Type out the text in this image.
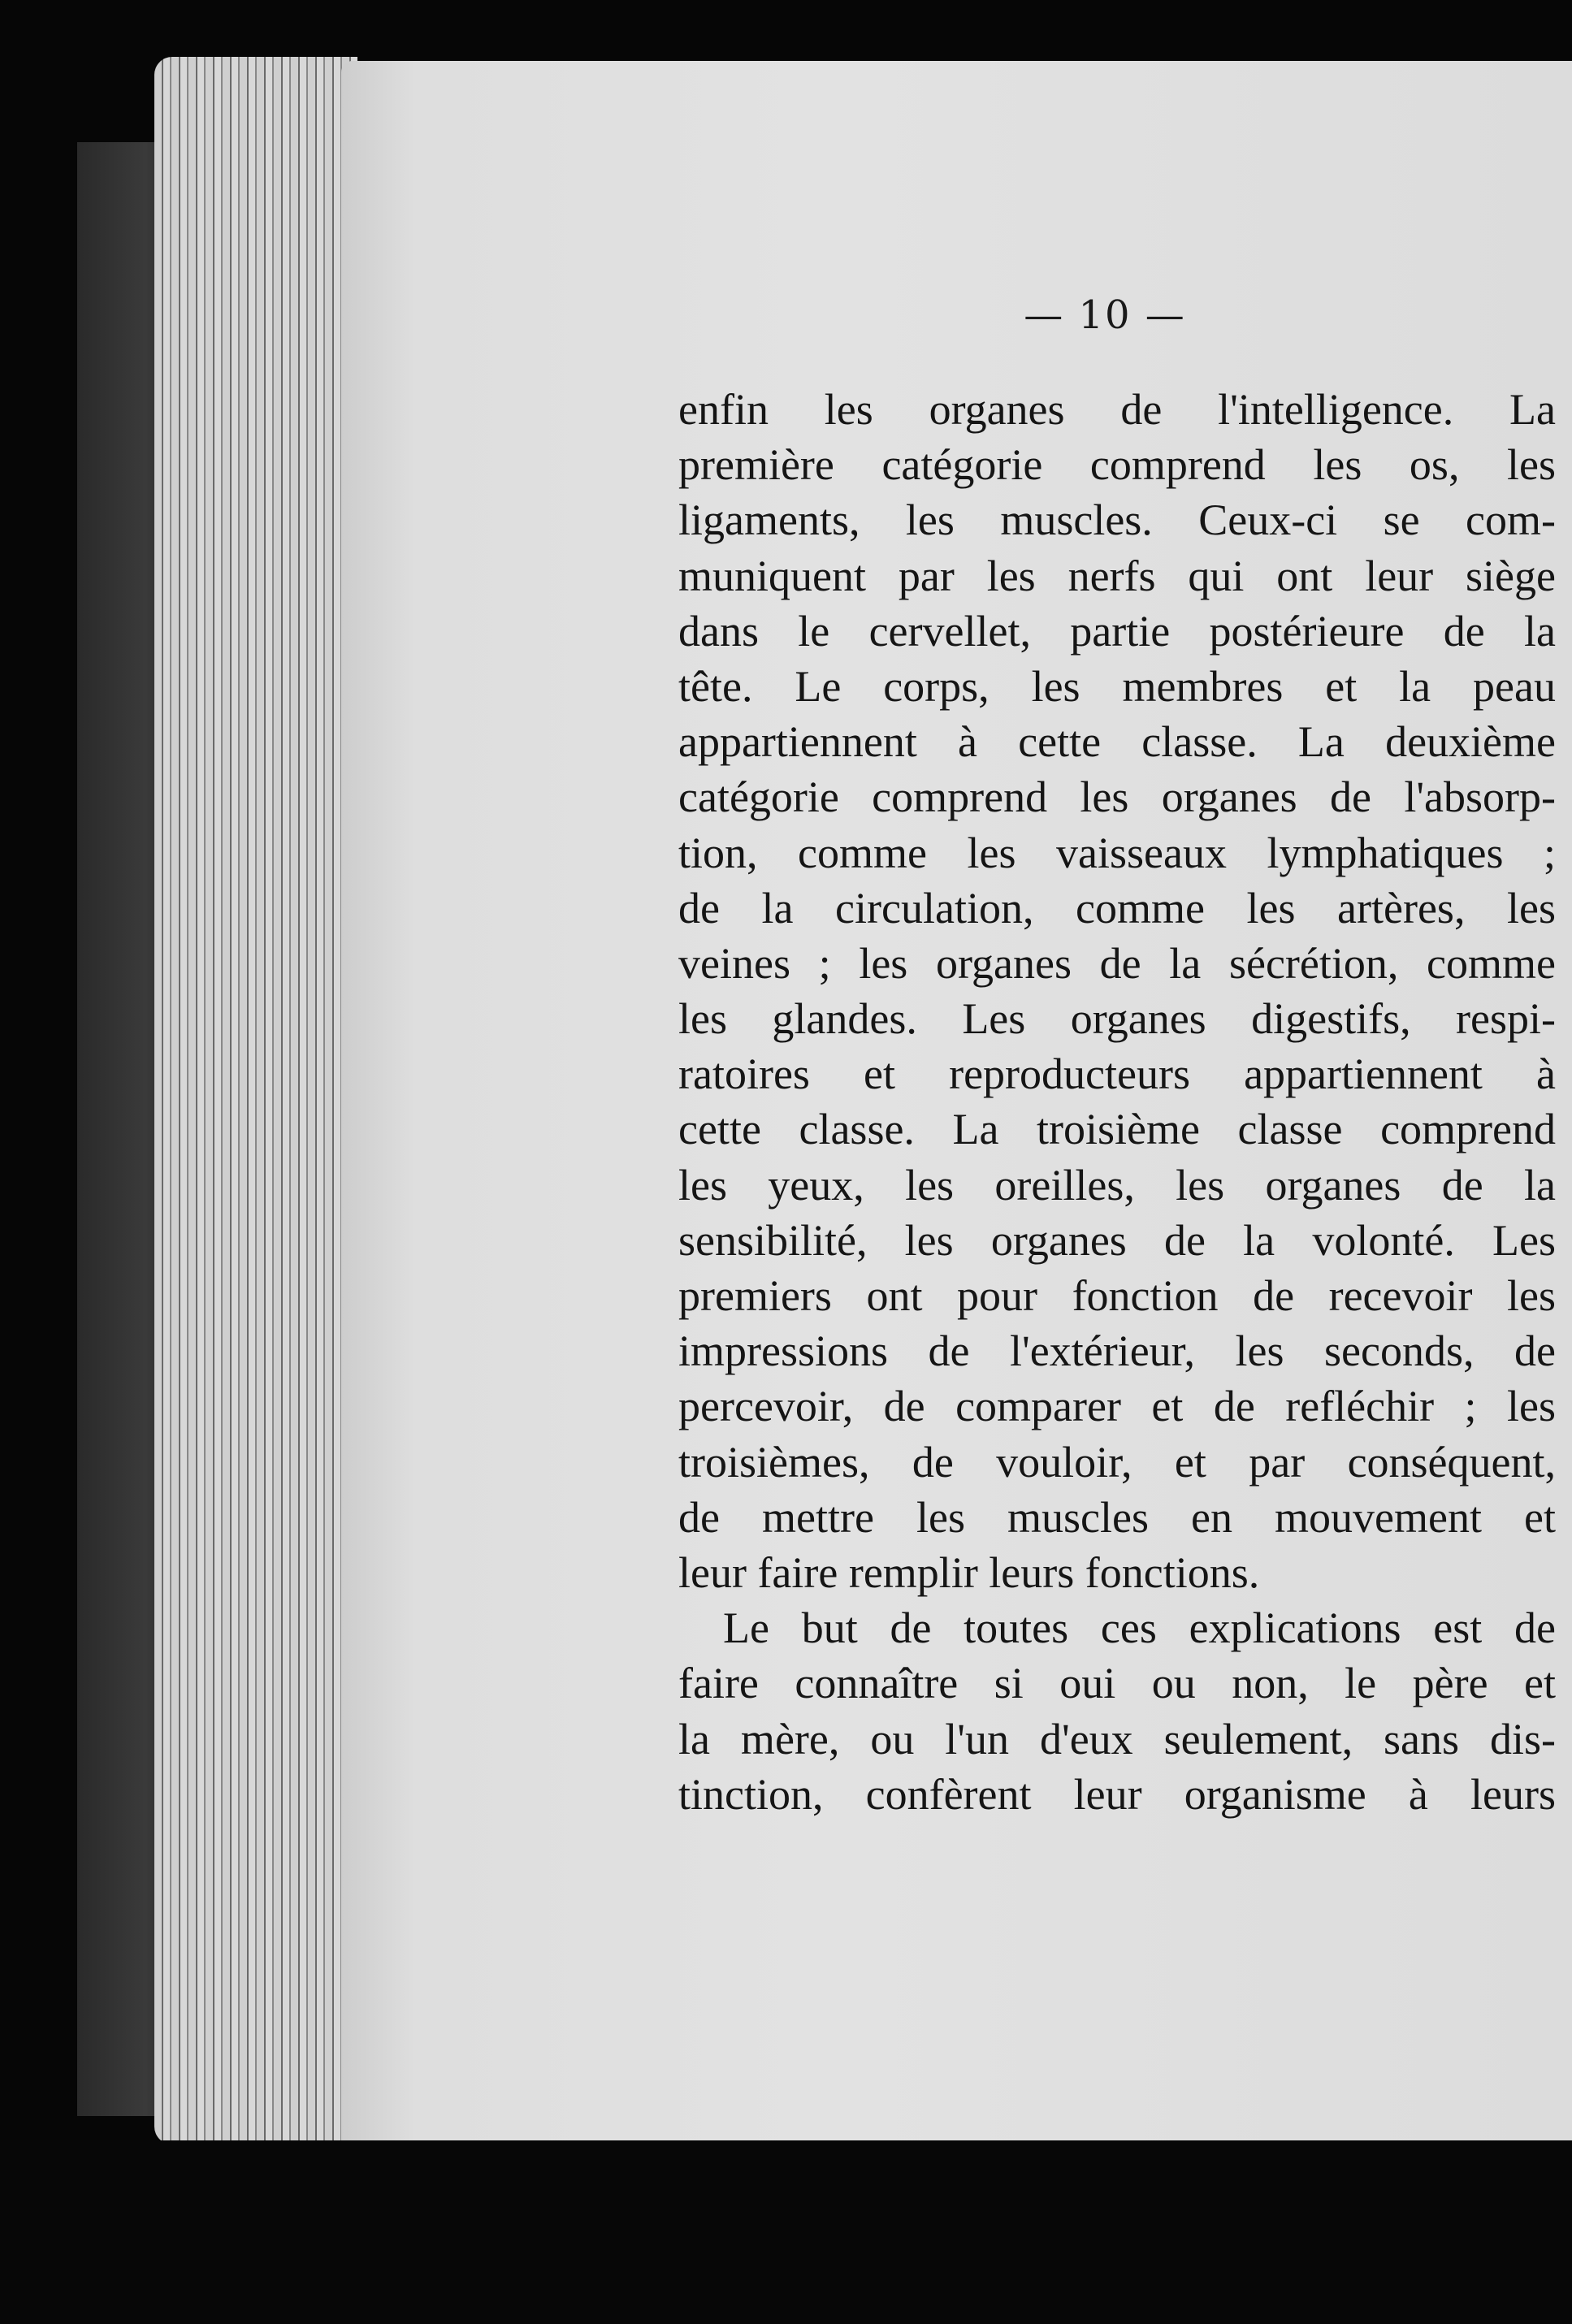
— 10 —
enfin les organes de l'intelligence. La
première catégorie comprend les os, les
ligaments, les muscles. Ceux-ci se com-
muniquent par les nerfs qui ont leur siège
dans le cervellet, partie postérieure de la
tête. Le corps, les membres et la peau
appartiennent à cette classe. La deuxième
catégorie comprend les organes de l'absorp-
tion, comme les vaisseaux lymphatiques ;
de la circulation, comme les artères, les
veines ; les organes de la sécrétion, comme
les glandes. Les organes digestifs, respi-
ratoires et reproducteurs appartiennent à
cette classe. La troisième classe comprend
les yeux, les oreilles, les organes de la
sensibilité, les organes de la volonté. Les
premiers ont pour fonction de recevoir les
impressions de l'extérieur, les seconds, de
percevoir, de comparer et de refléchir ; les
troisièmes, de vouloir, et par conséquent,
de mettre les muscles en mouvement et
leur faire remplir leurs fonctions.
Le but de toutes ces explications est de
faire connaître si oui ou non, le père et
la mère, ou l'un d'eux seulement, sans dis-
tinction, confèrent leur organisme à leurs
